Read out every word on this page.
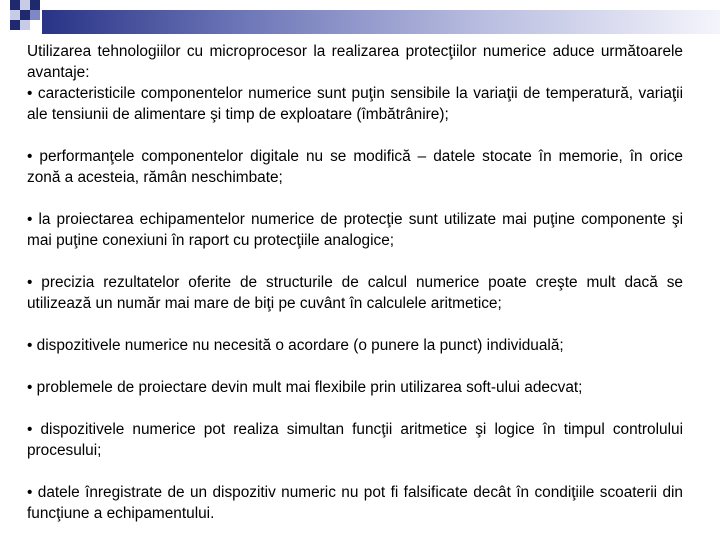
Utilizarea tehnologiilor cu microprocesor la realizarea protecţiilor numerice aduce următoarele avantaje:

• caracteristicile componentelor numerice sunt puţin sensibile la variaţii de temperatură, variaţii ale tensiunii de alimentare şi timp de exploatare (îmbătrânire);

• performanţele componentelor digitale nu se modifică – datele stocate în memorie, în orice zonă a acesteia, rămân neschimbate;

• la proiectarea echipamentelor numerice de protecţie sunt utilizate mai puţine componente şi mai puţine conexiuni în raport cu protecţiile analogice;

• precizia rezultatelor oferite de structurile de calcul numerice poate creşte mult dacă se utilizează un număr mai mare de biţi pe cuvânt în calculele aritmetice;

• dispozitivele numerice nu necesită o acordare (o punere la punct) individuală;

• problemele de proiectare devin mult mai flexibile prin utilizarea soft-ului adecvat;

• dispozitivele numerice pot realiza simultan funcţii aritmetice şi logice în timpul controlului procesului;

• datele înregistrate de un dispozitiv numeric nu pot fi falsificate decât în condiţiile scoaterii din funcţiune a echipamentului.
